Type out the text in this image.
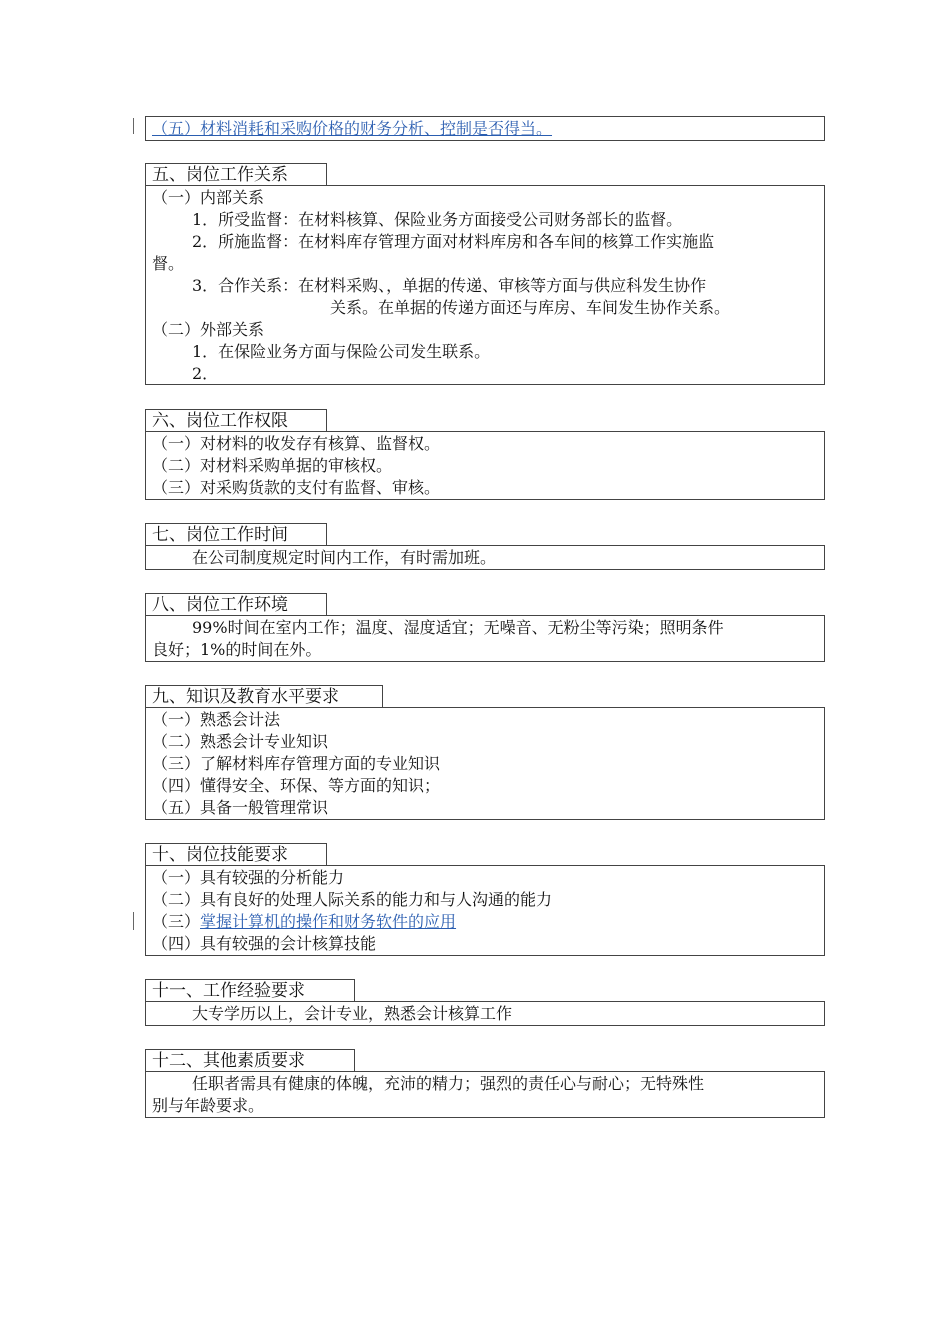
（五）材料消耗和采购价格的财务分析、控制是否得当。
五、岗位工作关系
（一）内部关系
1．所受监督：在材料核算、保险业务方面接受公司财务部长的监督。
2．所施监督：在材料库存管理方面对材料库房和各车间的核算工作实施监
督。
3．合作关系：在材料采购、，单据的传递、审核等方面与供应科发生协作
关系。在单据的传递方面还与库房、车间发生协作关系。
（二）外部关系
1．在保险业务方面与保险公司发生联系。
2．
六、岗位工作权限
（一）对材料的收发存有核算、监督权。
（二）对材料采购单据的审核权。
（三）对采购货款的支付有监督、审核。
七、岗位工作时间
在公司制度规定时间内工作，有时需加班。
八、岗位工作环境
99%时间在室内工作；温度、湿度适宜；无噪音、无粉尘等污染；照明条件
良好；1%的时间在外。
九、知识及教育水平要求
（一）熟悉会计法
（二）熟悉会计专业知识
（三）了解材料库存管理方面的专业知识
（四）懂得安全、环保、等方面的知识；
（五）具备一般管理常识
十、岗位技能要求
（一）具有较强的分析能力
（二）具有良好的处理人际关系的能力和与人沟通的能力
（三）掌握计算机的操作和财务软件的应用
（四）具有较强的会计核算技能
十一、工作经验要求
大专学历以上，会计专业，熟悉会计核算工作
十二、其他素质要求
任职者需具有健康的体魄，充沛的精力；强烈的责任心与耐心；无特殊性
别与年龄要求。
